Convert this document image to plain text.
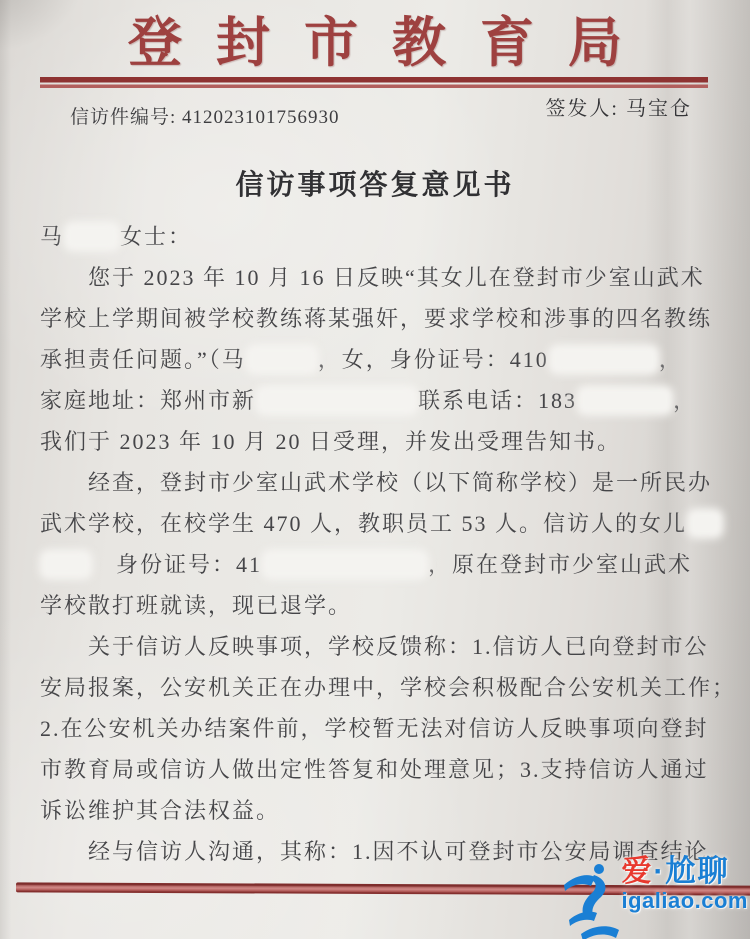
登封市教育局
信访件编号: 412023101756930	签发人: 马宝仓
信访事项答复意见书
马	女士：
您于 2023 年 10 月 16 日反映“其女儿在登封市少室山武术
学校上学期间被学校教练蒋某强奸，要求学校和涉事的四名教练
承担责任问题。”（马	，女，身份证号：410	，
家庭地址：郑州市新	联系电话：183	，
我们于 2023 年 10 月 20 日受理，并发出受理告知书。
经查，登封市少室山武术学校（以下简称学校）是一所民办
武术学校，在校学生 470 人，教职员工 53 人。信访人的女儿
　身份证号：41	，原在登封市少室山武术
学校散打班就读，现已退学。
关于信访人反映事项，学校反馈称：1.信访人已向登封市公
安局报案，公安机关正在办理中，学校会积极配合公安机关工作；
2.在公安机关办结案件前，学校暂无法对信访人反映事项向登封
市教育局或信访人做出定性答复和处理意见；3.支持信访人通过
诉讼维护其合法权益。
经与信访人沟通，其称：1.因不认可登封市公安局调查结论，
爱·尬聊
igaliao.com
